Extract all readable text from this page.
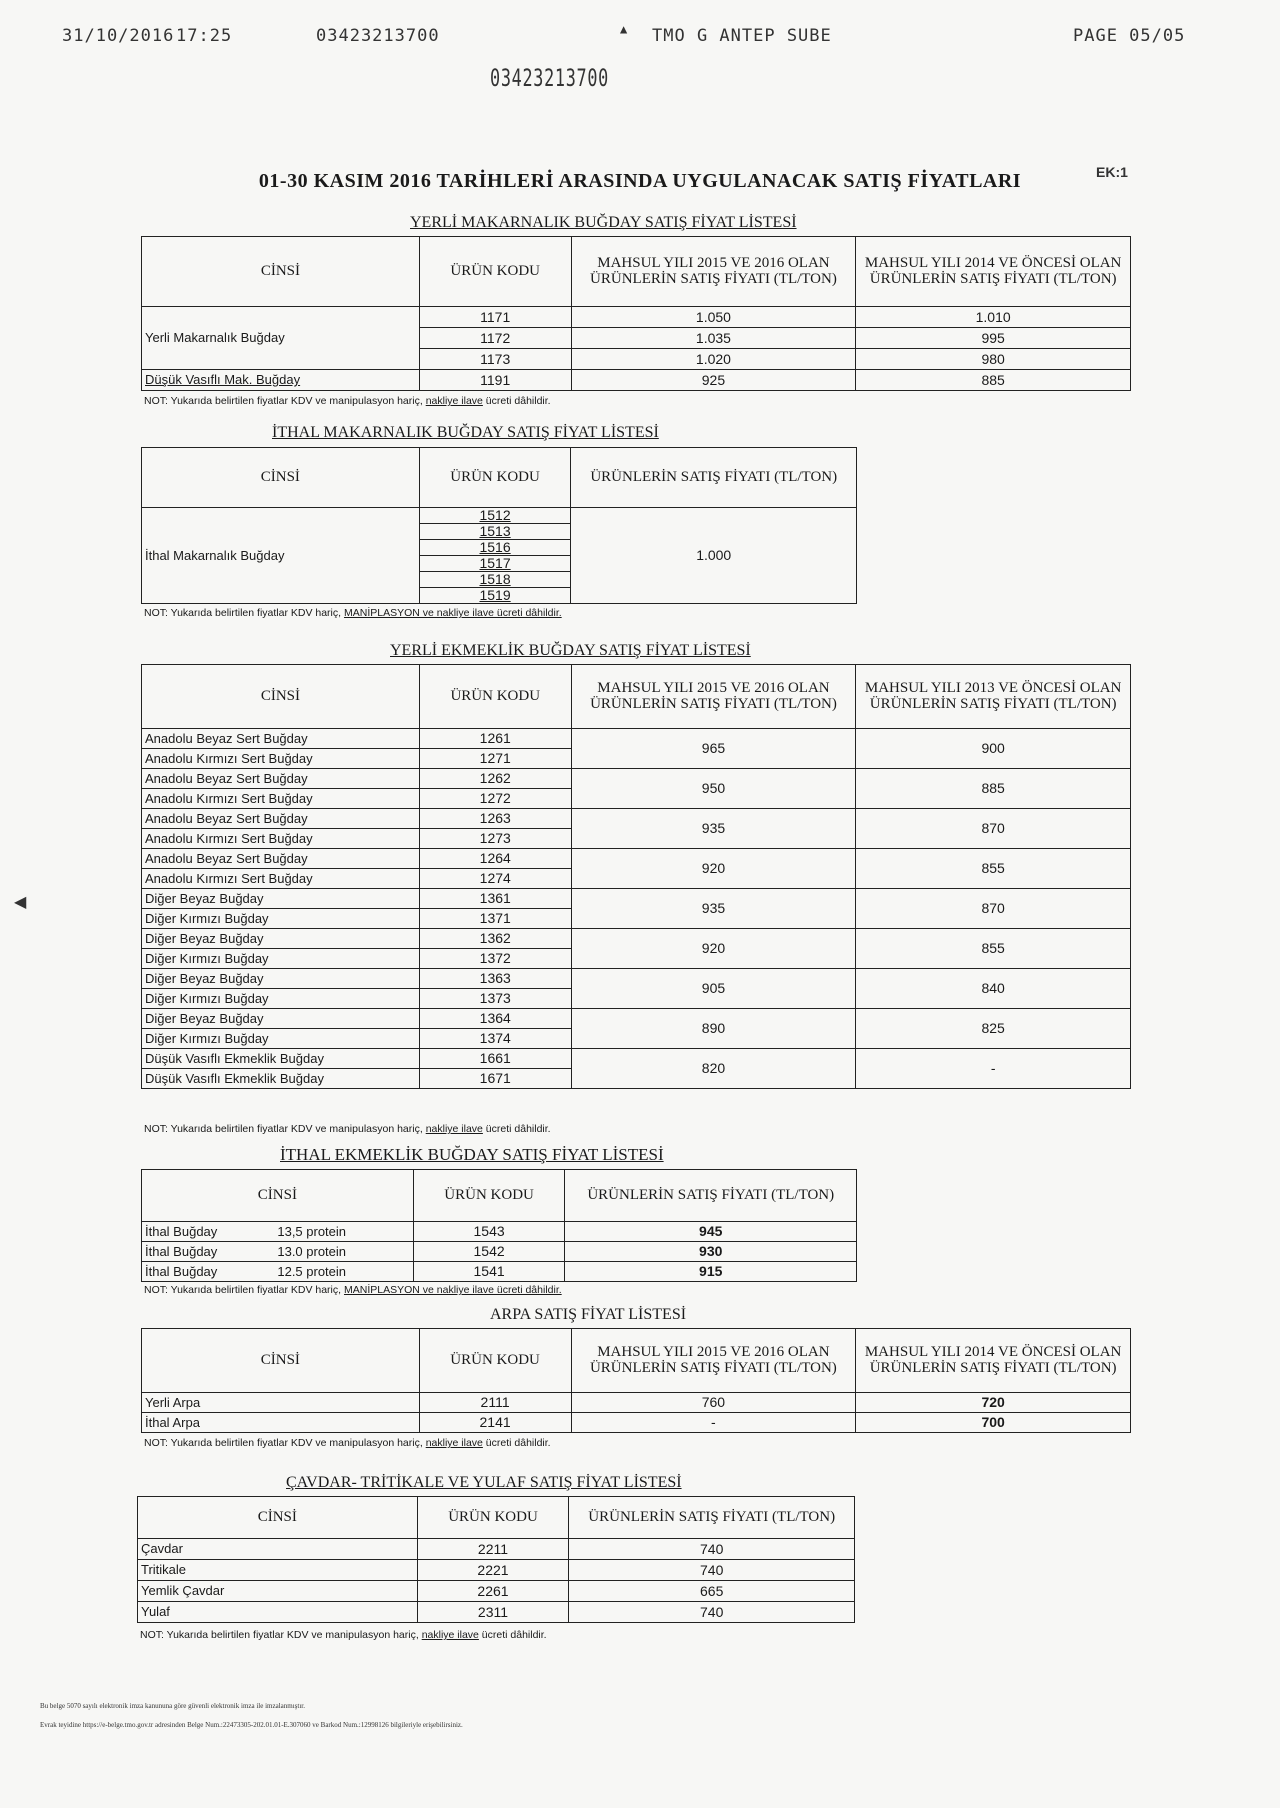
31/10/2016 17:25	03423213700	▲ TMO G ANTEP SUBE	PAGE 05/05
03423213700
EK:1
01-30 KASIM 2016 TARİHLERİ ARASINDA UYGULANACAK SATIŞ FİYATLARI
◀
YERLİ MAKARNALIK BUĞDAY SATIŞ FİYAT LİSTESİ
CİNSİ	ÜRÜN KODU	MAHSUL YILI 2015 VE 2016 OLAN ÜRÜNLERİN SATIŞ FİYATI (TL/TON)	MAHSUL YILI 2014 VE ÖNCESİ OLAN ÜRÜNLERİN SATIŞ FİYATI (TL/TON)
Yerli Makarnalık Buğday	1171	1.050	1.010
	1172	1.035	995
	1173	1.020	980
Düşük Vasıflı Mak. Buğday	1191	925	885
NOT: Yukarıda belirtilen fiyatlar KDV ve manipulasyon hariç, nakliye ilave ücreti dâhildir.
İTHAL MAKARNALIK BUĞDAY SATIŞ FİYAT LİSTESİ
CİNSİ	ÜRÜN KODU	ÜRÜNLERİN SATIŞ FİYATI (TL/TON)
İthal Makarnalık Buğday	1512	1.000
	1513	
	1516	
	1517	
	1518	
	1519	
NOT: Yukarıda belirtilen fiyatlar KDV hariç, MANİPLASYON ve nakliye ilave ücreti dâhildir.
YERLİ EKMEKLİK BUĞDAY SATIŞ FİYAT LİSTESİ
CİNSİ	ÜRÜN KODU	MAHSUL YILI 2015 VE 2016 OLAN ÜRÜNLERİN SATIŞ FİYATI (TL/TON)	MAHSUL YILI 2013 VE ÖNCESİ OLAN ÜRÜNLERİN SATIŞ FİYATI (TL/TON)
Anadolu Beyaz Sert Buğday	1261	965	900
Anadolu Kırmızı Sert Buğday	1271		
Anadolu Beyaz Sert Buğday	1262	950	885
Anadolu Kırmızı Sert Buğday	1272		
Anadolu Beyaz Sert Buğday	1263	935	870
Anadolu Kırmızı Sert Buğday	1273		
Anadolu Beyaz Sert Buğday	1264	920	855
Anadolu Kırmızı Sert Buğday	1274		
Diğer Beyaz Buğday	1361	935	870
Diğer Kırmızı Buğday	1371		
Diğer Beyaz Buğday	1362	920	855
Diğer Kırmızı Buğday	1372		
Diğer Beyaz Buğday	1363	905	840
Diğer Kırmızı Buğday	1373		
Diğer Beyaz Buğday	1364	890	825
Diğer Kırmızı Buğday	1374		
Düşük Vasıflı Ekmeklik Buğday	1661	820	-
Düşük Vasıflı Ekmeklik Buğday	1671		
NOT: Yukarıda belirtilen fiyatlar KDV ve manipulasyon hariç, nakliye ilave ücreti dâhildir.
İTHAL EKMEKLİK BUĞDAY SATIŞ FİYAT LİSTESİ
CİNSİ		ÜRÜN KODU	ÜRÜNLERİN SATIŞ FİYATI (TL/TON)
İthal Buğday	13,5 protein	1543	945
İthal Buğday	13.0 protein	1542	930
İthal Buğday	12.5 protein	1541	915
NOT: Yukarıda belirtilen fiyatlar KDV hariç, MANİPLASYON ve nakliye ilave ücreti dâhildir.
ARPA SATIŞ FİYAT LİSTESİ
CİNSİ	ÜRÜN KODU	MAHSUL YILI 2015 VE 2016 OLAN ÜRÜNLERİN SATIŞ FİYATI (TL/TON)	MAHSUL YILI 2014 VE ÖNCESİ OLAN ÜRÜNLERİN SATIŞ FİYATI (TL/TON)
Yerli Arpa	2111	760	720
İthal Arpa	2141	-	700
NOT: Yukarıda belirtilen fiyatlar KDV ve manipulasyon hariç, nakliye ilave ücreti dâhildir.
ÇAVDAR- TRİTİKALE VE YULAF SATIŞ FİYAT LİSTESİ
CİNSİ	ÜRÜN KODU	ÜRÜNLERİN SATIŞ FİYATI (TL/TON)
Çavdar	2211	740
Tritikale	2221	740
Yemlik Çavdar	2261	665
Yulaf	2311	740
NOT: Yukarıda belirtilen fiyatlar KDV ve manipulasyon hariç, nakliye ilave ücreti dâhildir.
Bu belge 5070 sayılı elektronik imza kanununa göre güvenli elektronik imza ile imzalanmıştır.
Evrak teyidine https://e-belge.tmo.gov.tr adresinden Belge Num.:22473305-202.01.01-E.307060 ve Barkod Num.:12998126 bilgileriyle erişebilirsiniz.
